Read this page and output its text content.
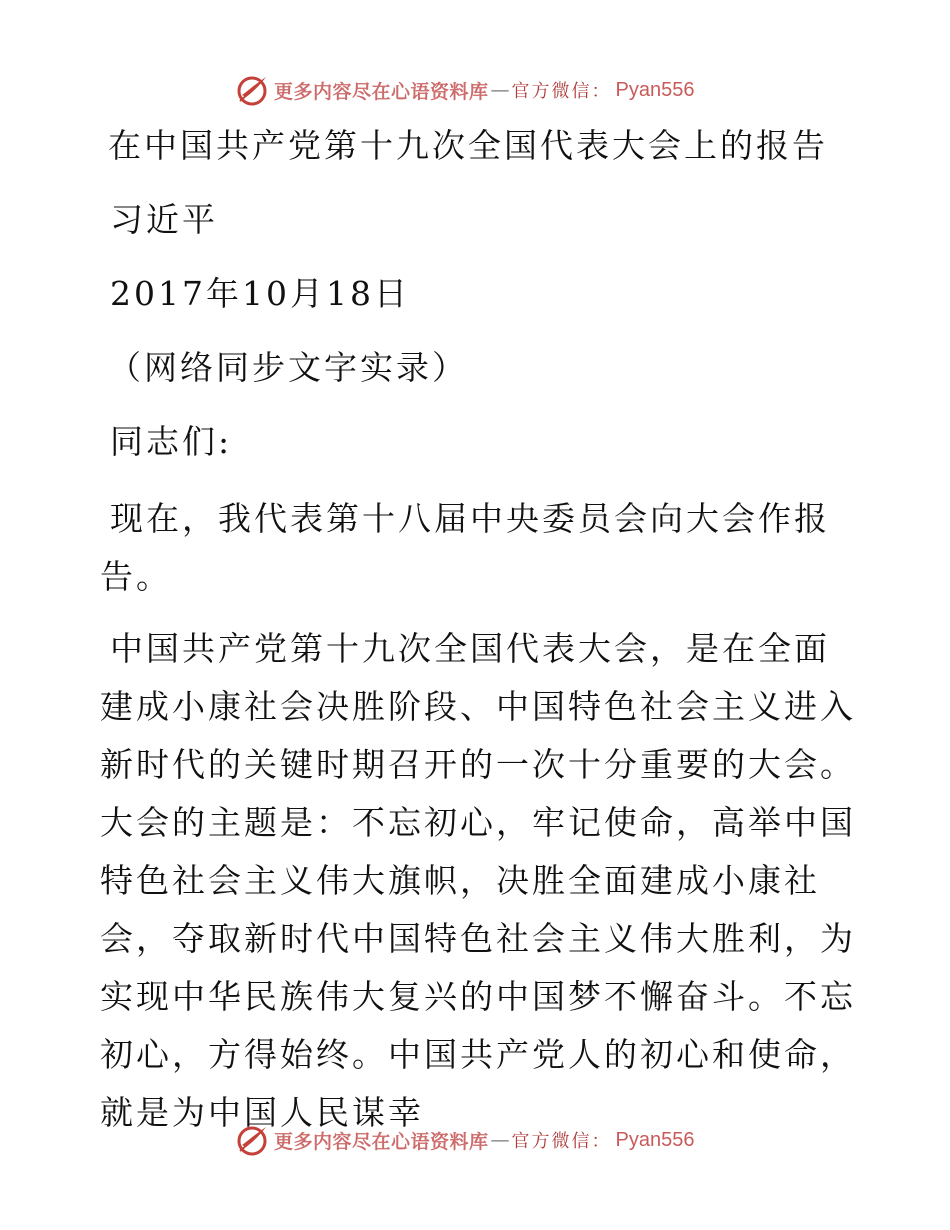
更多内容尽在心语资料库 — 官方微信： Pyan556
在中国共产党第十九次全国代表大会上的报告
习近平
2017年10月18日
（网络同步文字实录）
同志们:
现在，我代表第十八届中央委员会向大会作报告。
中国共产党第十九次全国代表大会，是在全面建成小康社会决胜阶段、中国特色社会主义进入新时代的关键时期召开的一次十分重要的大会。大会的主题是：不忘初心，牢记使命，高举中国特色社会主义伟大旗帜，决胜全面建成小康社会，夺取新时代中国特色社会主义伟大胜利，为实现中华民族伟大复兴的中国梦不懈奋斗。不忘初心，方得始终。中国共产党人的初心和使命，就是为中国人民谋幸
更多内容尽在心语资料库 — 官方微信： Pyan556
